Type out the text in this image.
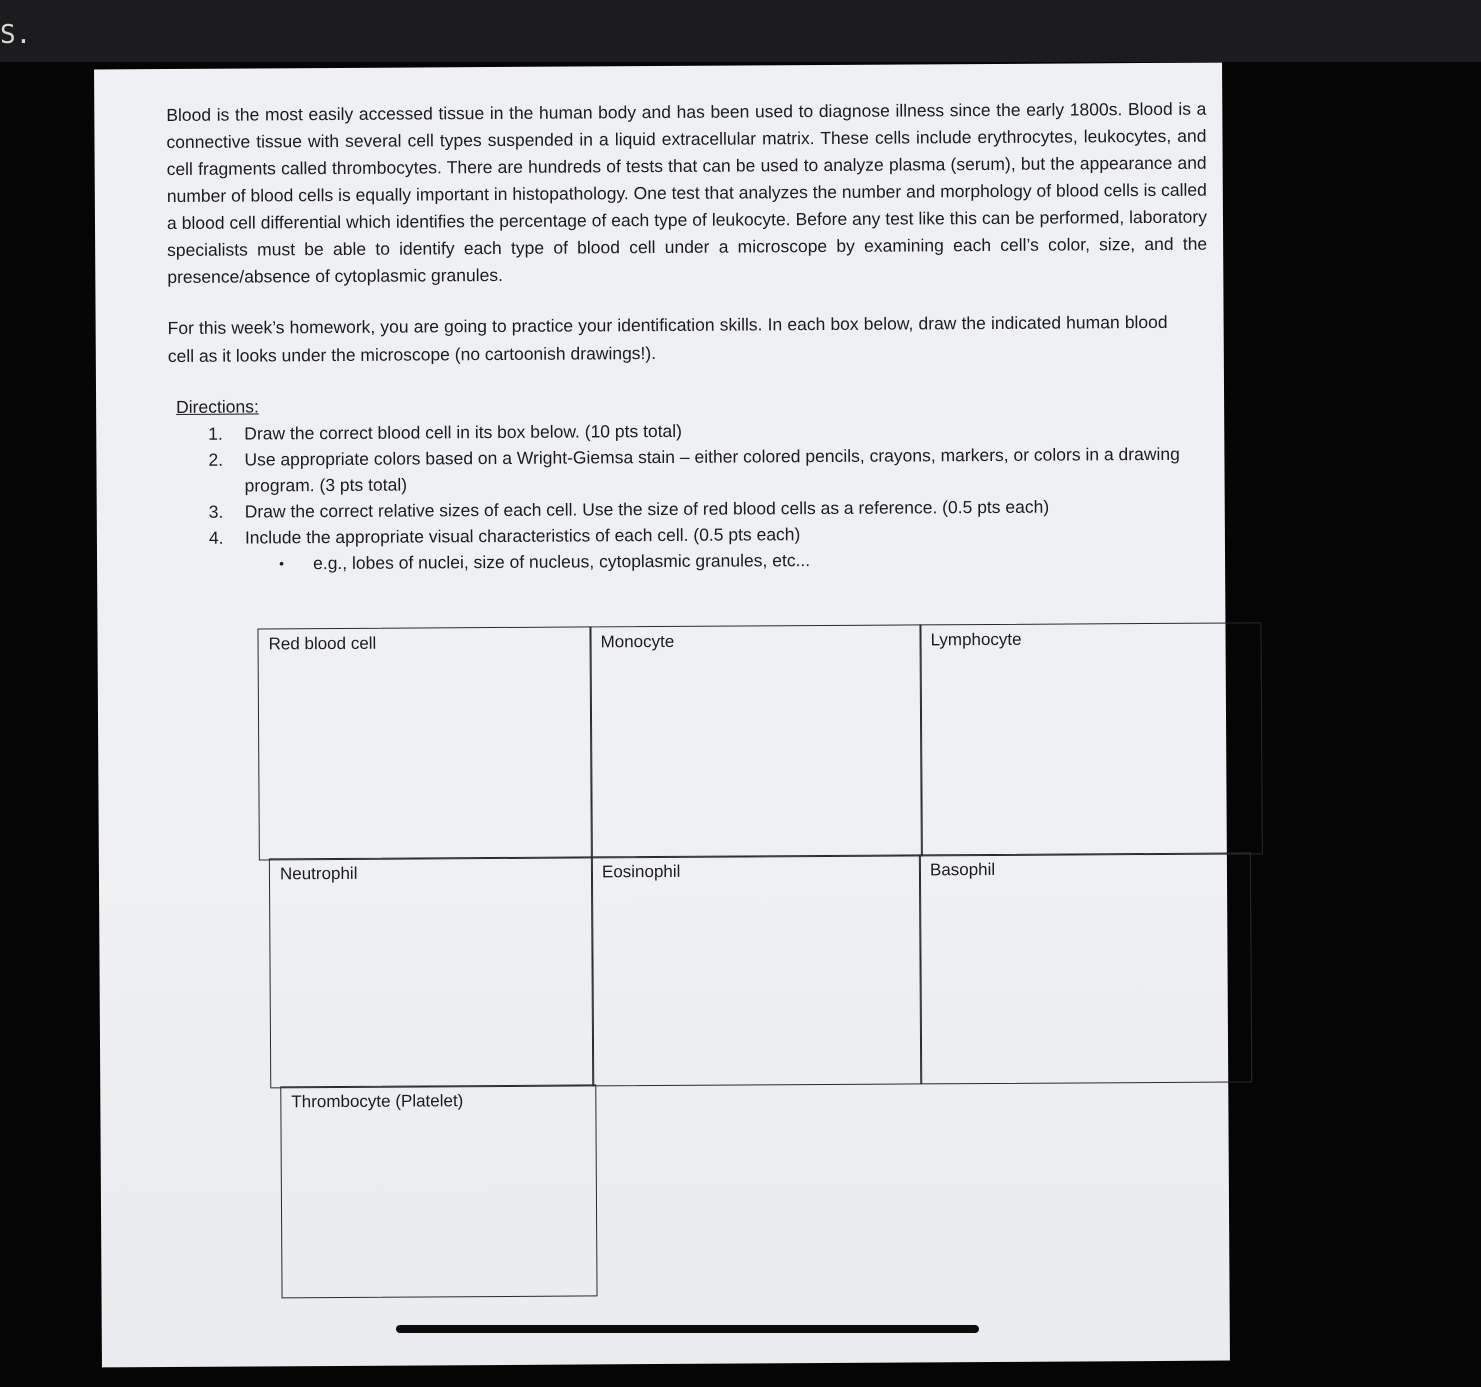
S.

Blood is the most easily accessed tissue in the human body and has been used to diagnose illness since the early 1800s. Blood is a connective tissue with several cell types suspended in a liquid extracellular matrix. These cells include erythrocytes, leukocytes, and cell fragments called thrombocytes. There are hundreds of tests that can be used to analyze plasma (serum), but the appearance and number of blood cells is equally important in histopathology. One test that analyzes the number and morphology of blood cells is called a blood cell differential which identifies the percentage of each type of leukocyte. Before any test like this can be performed, laboratory specialists must be able to identify each type of blood cell under a microscope by examining each cell’s color, size, and the presence/absence of cytoplasmic granules.

For this week’s homework, you are going to practice your identification skills. In each box below, draw the indicated human blood cell as it looks under the microscope (no cartoonish drawings!).

Directions:
1.	Draw the correct blood cell in its box below. (10 pts total)
2.	Use appropriate colors based on a Wright-Giemsa stain – either colored pencils, crayons, markers, or colors in a drawing program. (3 pts total)
3.	Draw the correct relative sizes of each cell. Use the size of red blood cells as a reference. (0.5 pts each)
4.	Include the appropriate visual characteristics of each cell. (0.5 pts each)
•	e.g., lobes of nuclei, size of nucleus, cytoplasmic granules, etc...
Red blood cell	Monocyte	Lymphocyte
Neutrophil	Eosinophil	Basophil
Thrombocyte (Platelet)
